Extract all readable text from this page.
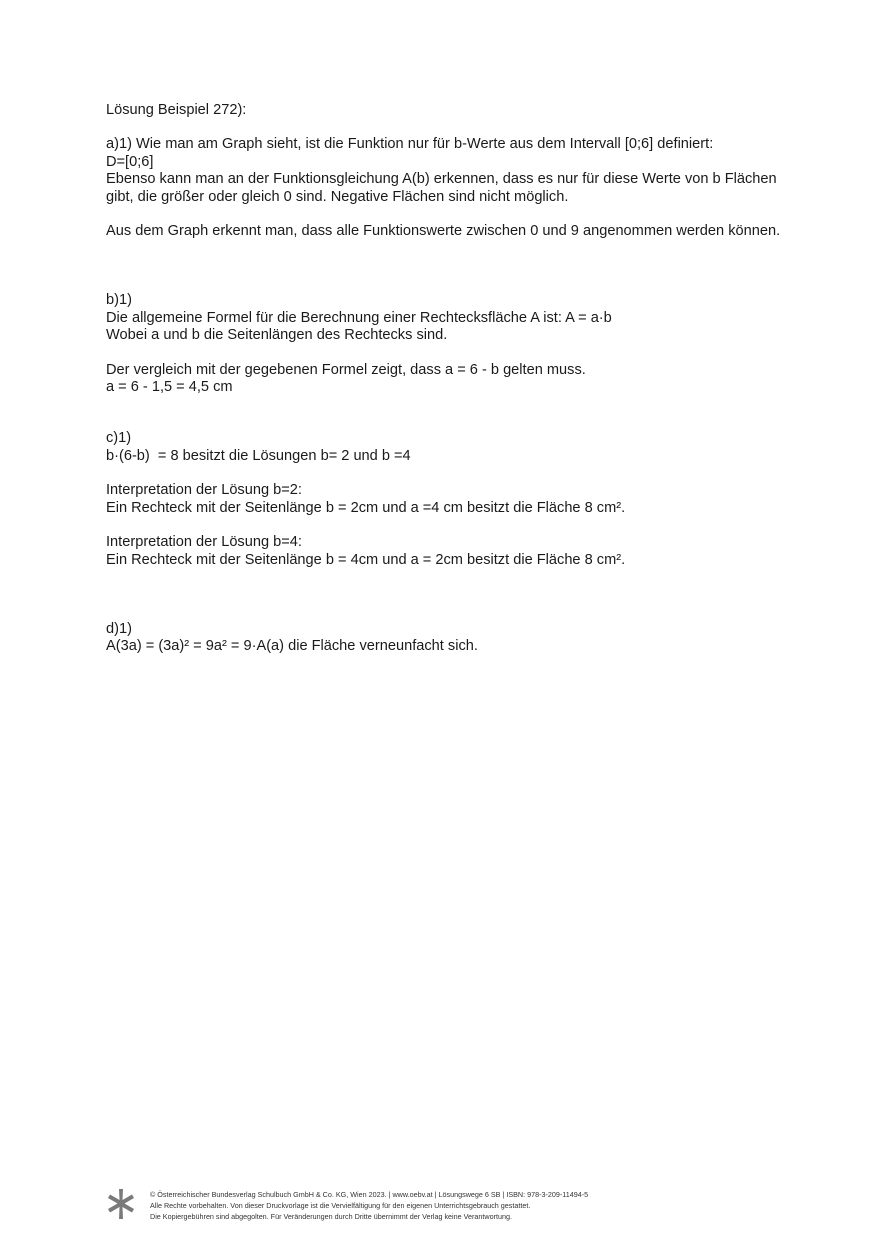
Lösung Beispiel 272):

a)1) Wie man am Graph sieht, ist die Funktion nur für b-Werte aus dem Intervall [0;6] definiert:

D=[0;6]

Ebenso kann man an der Funktionsgleichung A(b) erkennen, dass es nur für diese Werte von b Flächen

gibt, die größer oder gleich 0 sind. Negative Flächen sind nicht möglich.

Aus dem Graph erkennt man, dass alle Funktionswerte zwischen 0 und 9 angenommen werden können.

b)1)

Die allgemeine Formel für die Berechnung einer Rechtecksfläche A ist: A = a·b

Wobei a und b die Seitenlängen des Rechtecks sind.

Der vergleich mit der gegebenen Formel zeigt, dass a = 6 - b gelten muss.

a = 6 - 1,5 = 4,5 cm

c)1)

b·(6-b)  = 8 besitzt die Lösungen b= 2 und b =4

Interpretation der Lösung b=2:

Ein Rechteck mit der Seitenlänge b = 2cm und a =4 cm besitzt die Fläche 8 cm².

Interpretation der Lösung b=4:

Ein Rechteck mit der Seitenlänge b = 4cm und a = 2cm besitzt die Fläche 8 cm².

d)1)

A(3a) = (3a)² = 9a² = 9·A(a) die Fläche verneunfacht sich.

© Österreichischer Bundesverlag Schulbuch GmbH & Co. KG, Wien 2023. | www.oebv.at | Lösungswege 6 SB | ISBN: 978-3-209-11494-5
Alle Rechte vorbehalten. Von dieser Druckvorlage ist die Vervielfältigung für den eigenen Unterrichtsgebrauch gestattet.
Die Kopiergebühren sind abgegolten. Für Veränderungen durch Dritte übernimmt der Verlag keine Verantwortung.
